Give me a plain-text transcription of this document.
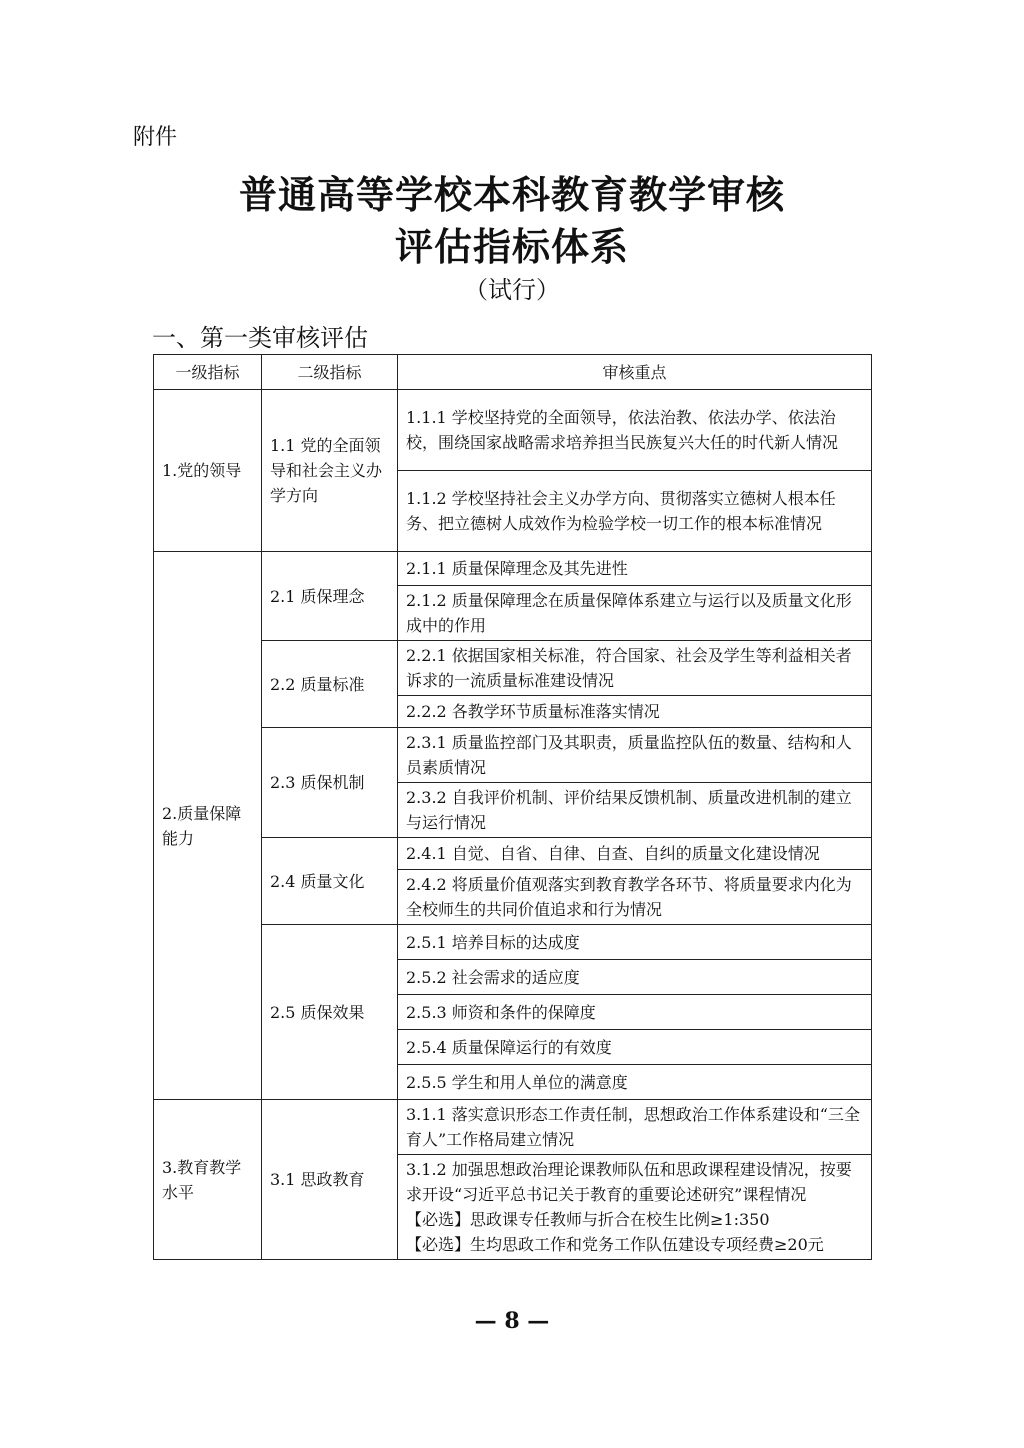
附件
普通高等学校本科教育教学审核
评估指标体系
（试行）
一、第一类审核评估
一级指标	二级指标	审核重点
1.党的领导	1.1 党的全面领导和社会主义办学方向	1.1.1 学校坚持党的全面领导，依法治教、依法办学、依法治校，围绕国家战略需求培养担当民族复兴大任的时代新人情况
		1.1.2 学校坚持社会主义办学方向、贯彻落实立德树人根本任务、把立德树人成效作为检验学校一切工作的根本标准情况
2.质量保障能力	2.1 质保理念	2.1.1 质量保障理念及其先进性
		2.1.2 质量保障理念在质量保障体系建立与运行以及质量文化形成中的作用
	2.2 质量标准	2.2.1 依据国家相关标准，符合国家、社会及学生等利益相关者诉求的一流质量标准建设情况
		2.2.2 各教学环节质量标准落实情况
	2.3 质保机制	2.3.1 质量监控部门及其职责，质量监控队伍的数量、结构和人员素质情况
		2.3.2 自我评价机制、评价结果反馈机制、质量改进机制的建立与运行情况
	2.4 质量文化	2.4.1 自觉、自省、自律、自查、自纠的质量文化建设情况
		2.4.2 将质量价值观落实到教育教学各环节、将质量要求内化为全校师生的共同价值追求和行为情况
	2.5 质保效果	2.5.1 培养目标的达成度
		2.5.2 社会需求的适应度
		2.5.3 师资和条件的保障度
		2.5.4 质量保障运行的有效度
		2.5.5 学生和用人单位的满意度
3.教育教学水平	3.1 思政教育	3.1.1 落实意识形态工作责任制，思想政治工作体系建设和“三全育人”工作格局建立情况
		3.1.2 加强思想政治理论课教师队伍和思政课程建设情况，按要求开设“习近平总书记关于教育的重要论述研究”课程情况
【必选】思政课专任教师与折合在校生比例≥1:350
【必选】生均思政工作和党务工作队伍建设专项经费≥20元
— 8 —
